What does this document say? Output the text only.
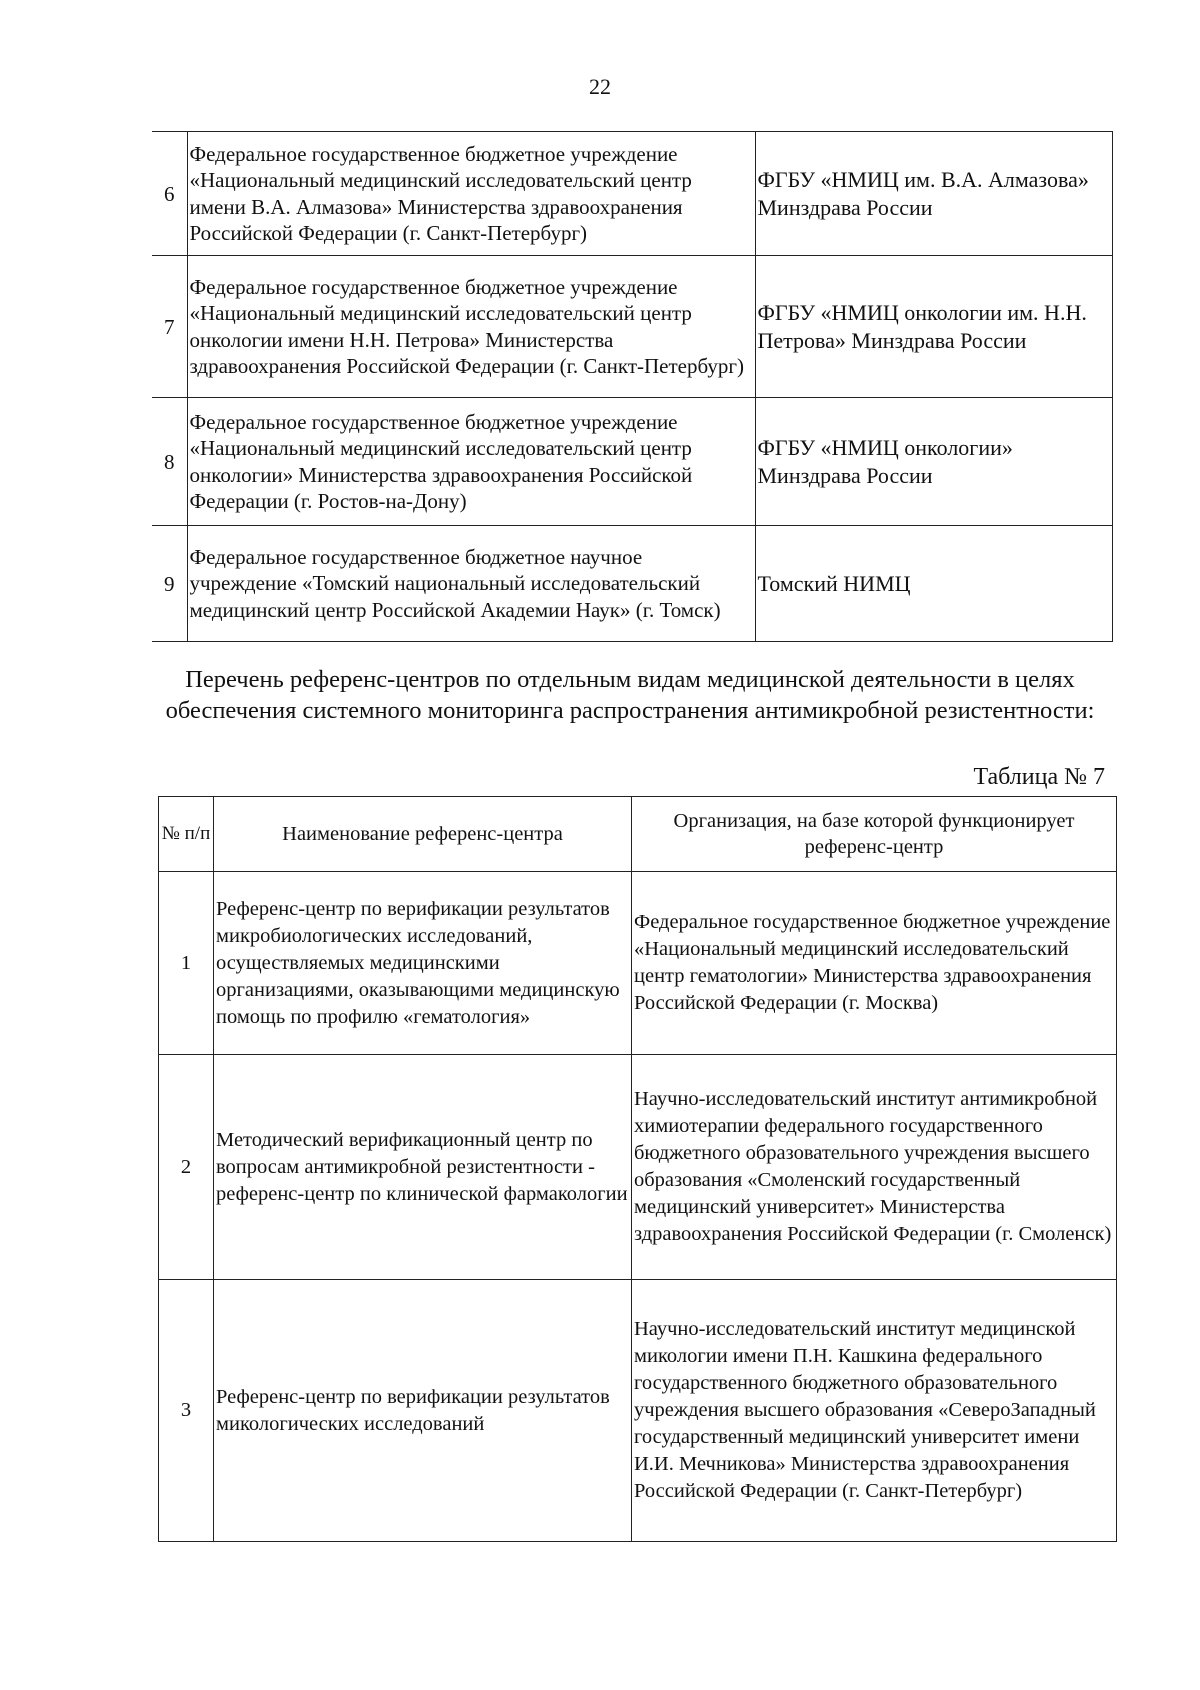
22
6	Федеральное государственное бюджетное учреждение «Национальный медицинский исследовательский центр имени В.А. Алмазова» Министерства здравоохранения Российской Федерации (г. Санкт-Петербург)	ФГБУ «НМИЦ им. В.А. Алмазова» Минздрава России
7	Федеральное государственное бюджетное учреждение «Национальный медицинский исследовательский центр онкологии имени Н.Н. Петрова» Министерства здравоохранения Российской Федерации (г. Санкт-Петербург)	ФГБУ «НМИЦ онкологии им. Н.Н. Петрова» Минздрава России
8	Федеральное государственное бюджетное учреждение «Национальный медицинский исследовательский центр онкологии» Министерства здравоохранения Российской Федерации (г. Ростов-на-Дону)	ФГБУ «НМИЦ онкологии» Минздрава России
9	Федеральное государственное бюджетное научное учреждение «Томский национальный исследовательский медицинский центр Российской Академии Наук» (г. Томск)	Томский НИМЦ
Перечень референс-центров по отдельным видам медицинской деятельности в целях обеспечения системного мониторинга распространения антимикробной резистентности:
Таблица № 7
№ п/п	Наименование референс-центра	Организация, на базе которой функционирует референс-центр
1	Референс-центр по верификации результатов микробиологических исследований, осуществляемых медицинскими организациями, оказывающими медицинскую помощь по профилю «гематология»	Федеральное государственное бюджетное учреждение «Национальный медицинский исследовательский центр гематологии» Министерства здравоохранения Российской Федерации (г. Москва)
2	Методический верификационный центр по вопросам антимикробной резистентности - референс-центр по клинической фармакологии	Научно-исследовательский институт антимикробной химиотерапии федерального государственного бюджетного образовательного учреждения высшего образования «Смоленский государственный медицинский университет» Министерства здравоохранения Российской Федерации (г. Смоленск)
3	Референс-центр по верификации результатов микологических исследований	Научно-исследовательский институт медицинской микологии имени П.Н. Кашкина федерального государственного бюджетного образовательного учреждения высшего образования «СевероЗападный государственный медицинский университет имени И.И. Мечникова» Министерства здравоохранения Российской Федерации (г. Санкт-Петербург)
